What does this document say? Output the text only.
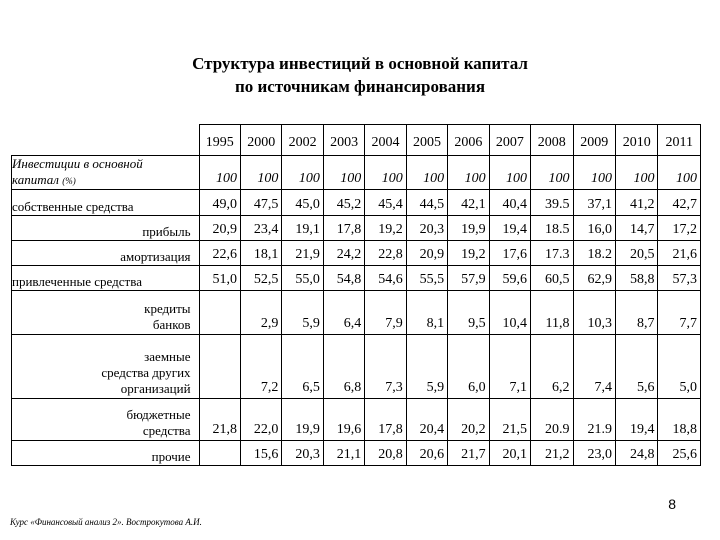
Структура инвестиций в основной капитал
по источникам финансирования
	1995	2000	2002	2003	2004	2005	2006	2007	2008	2009	2010	2011

Инвестиции в основной
капитал (%)	100	100	100	100	100	100	100	100	100	100	100	100
собственные средства	49,0	47,5	45,0	45,2	45,4	44,5	42,1	40,4	39.5	37,1	41,2	42,7
прибыль	20,9	23,4	19,1	17,8	19,2	20,3	19,9	19,4	18.5	16,0	14,7	17,2
амортизация	22,6	18,1	21,9	24,2	22,8	20,9	19,2	17,6	17.3	18.2	20,5	21,6
привлеченные средства	51,0	52,5	55,0	54,8	54,6	55,5	57,9	59,6	60,5	62,9	58,8	57,3

кредиты
банков		2,9	5,9	6,4	7,9	8,1	9,5	10,4	11,8	10,3	8,7	7,7

заемные
средства других
организаций		7,2	6,5	6,8	7,3	5,9	6,0	7,1	6,2	7,4	5,6	5,0

бюджетные
средства	21,8	22,0	19,9	19,6	17,8	20,4	20,2	21,5	20.9	21.9	19,4	18,8
прочие		15,6	20,3	21,1	20,8	20,6	21,7	20,1	21,2	23,0	24,8	25,6
8
Курс «Финансовый анализ 2». Вострокутова А.И.
